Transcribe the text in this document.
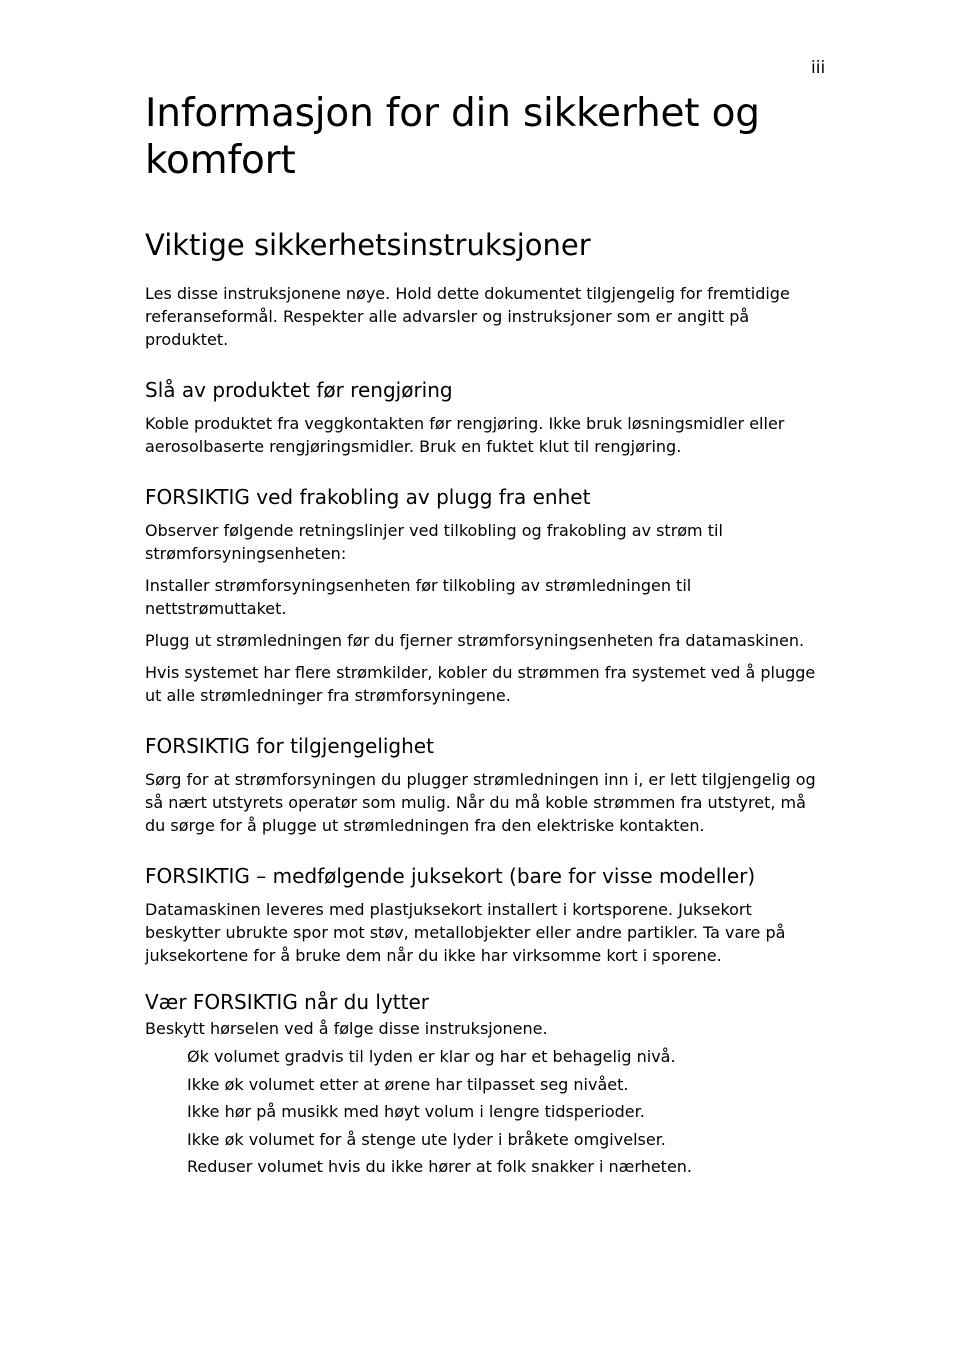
iii
Informasjon for din sikkerhet og komfort
Viktige sikkerhetsinstruksjoner

Les disse instruksjonene nøye. Hold dette dokumentet tilgjengelig for fremtidige referanseformål. Respekter alle advarsler og instruksjoner som er angitt på produktet.

Slå av produktet før rengjøring

Koble produktet fra veggkontakten før rengjøring. Ikke bruk løsningsmidler eller aerosolbaserte rengjøringsmidler. Bruk en fuktet klut til rengjøring.

FORSIKTIG ved frakobling av plugg fra enhet

Observer følgende retningslinjer ved tilkobling og frakobling av strøm til strømforsyningsenheten:

Installer strømforsyningsenheten før tilkobling av strømledningen til nettstrømuttaket.

Plugg ut strømledningen før du fjerner strømforsyningsenheten fra datamaskinen.

Hvis systemet har flere strømkilder, kobler du strømmen fra systemet ved å plugge ut alle strømledninger fra strømforsyningene.

FORSIKTIG for tilgjengelighet

Sørg for at strømforsyningen du plugger strømledningen inn i, er lett tilgjengelig og så nært utstyrets operatør som mulig. Når du må koble strømmen fra utstyret, må du sørge for å plugge ut strømledningen fra den elektriske kontakten.

FORSIKTIG – medfølgende juksekort (bare for visse modeller)

Datamaskinen leveres med plastjuksekort installert i kortsporene. Juksekort beskytter ubrukte spor mot støv, metallobjekter eller andre partikler. Ta vare på juksekortene for å bruke dem når du ikke har virksomme kort i sporene.

Vær FORSIKTIG når du lytter

Beskytt hørselen ved å følge disse instruksjonene.

Øk volumet gradvis til lyden er klar og har et behagelig nivå.
Ikke øk volumet etter at ørene har tilpasset seg nivået.
Ikke hør på musikk med høyt volum i lengre tidsperioder.
Ikke øk volumet for å stenge ute lyder i bråkete omgivelser.
Reduser volumet hvis du ikke hører at folk snakker i nærheten.
